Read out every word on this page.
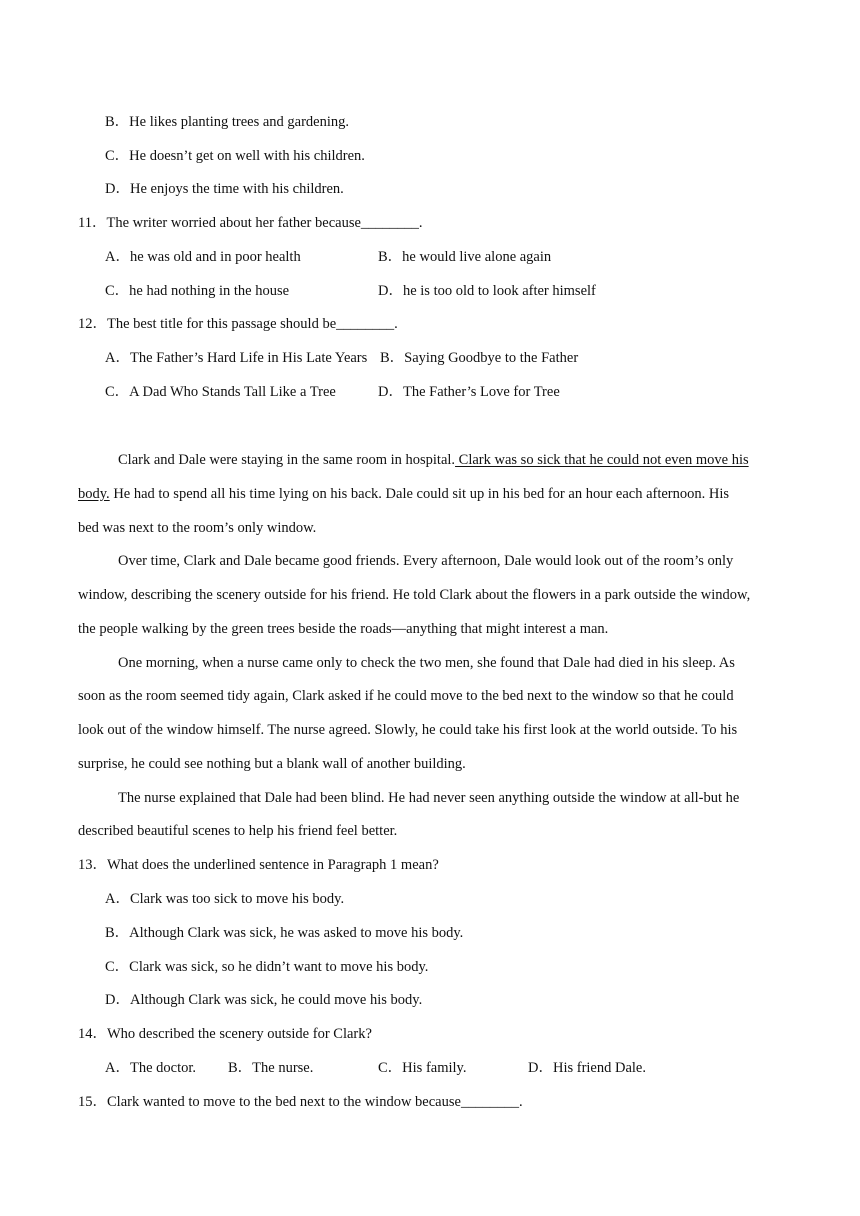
B．He likes planting trees and gardening.
C．He doesn’t get on well with his children.
D．He enjoys the time with his children.
11．The writer worried about her father because________.
A．he was old and in poor health	B．he would live alone again
C．he had nothing in the house	D．he is too old to look after himself
12．The best title for this passage should be________.
A．The Father’s Hard Life in His Late Years B．Saying Goodbye to the Father
C．A Dad Who Stands Tall Like a Tree	D．The Father’s Love for Tree
Clark and Dale were staying in the same room in hospital. Clark was so sick that he could not even move his
body. He had to spend all his time lying on his back. Dale could sit up in his bed for an hour each afternoon. His
bed was next to the room’s only window.
Over time, Clark and Dale became good friends. Every afternoon, Dale would look out of the room’s only
window, describing the scenery outside for his friend. He told Clark about the flowers in a park outside the window,
the people walking by the green trees beside the roads—anything that might interest a man.
One morning, when a nurse came only to check the two men, she found that Dale had died in his sleep. As
soon as the room seemed tidy again, Clark asked if he could move to the bed next to the window so that he could
look out of the window himself. The nurse agreed. Slowly, he could take his first look at the world outside. To his
surprise, he could see nothing but a blank wall of another building.
The nurse explained that Dale had been blind. He had never seen anything outside the window at all-but he
described beautiful scenes to help his friend feel better.
13．What does the underlined sentence in Paragraph 1 mean?
A．Clark was too sick to move his body.
B．Although Clark was sick, he was asked to move his body.
C．Clark was sick, so he didn’t want to move his body.
D．Although Clark was sick, he could move his body.
14．Who described the scenery outside for Clark?
A．The doctor. B．The nurse.	C．His family.	D．His friend Dale.
15．Clark wanted to move to the bed next to the window because________.
